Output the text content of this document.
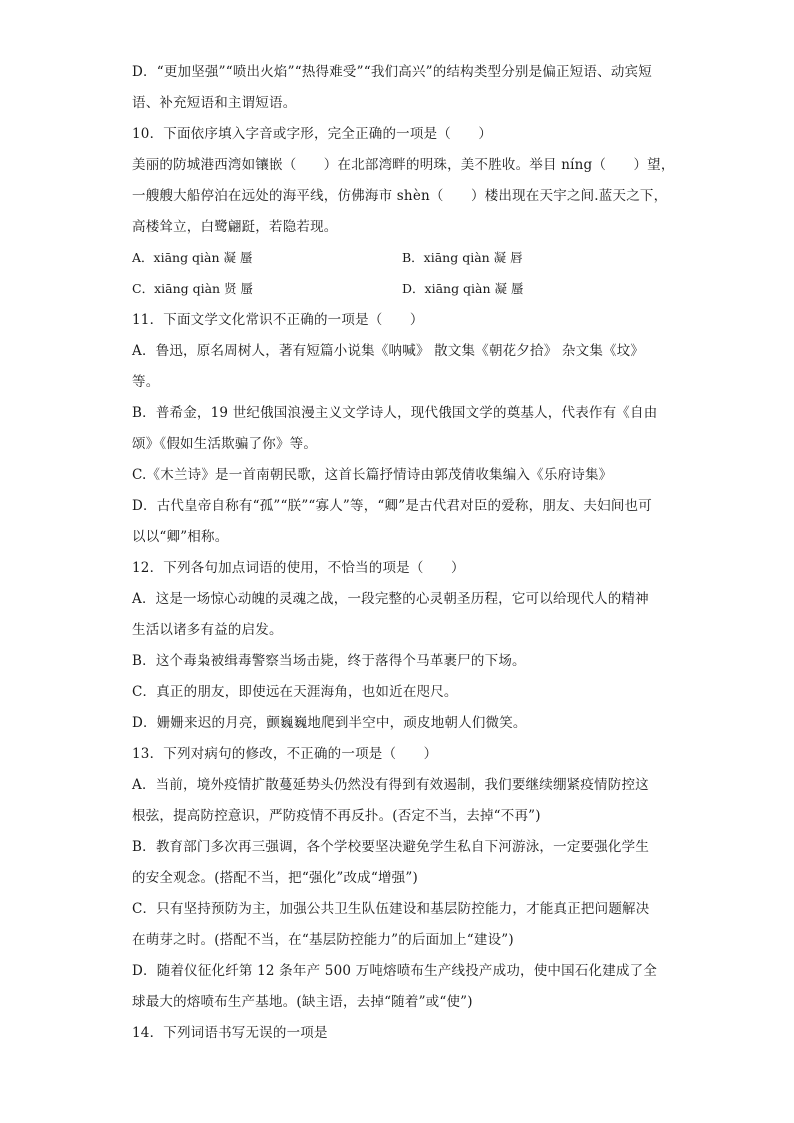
D．“更加坚强”“喷出火焰”“热得难受”“我们高兴”的结构类型分别是偏正短语、动宾短

语、补充短语和主谓短语。

10．下面依序填入字音或字形，完全正确的一项是（　　）

美丽的防城港西湾如镶嵌（　　）在北部湾畔的明珠，美不胜收。举目 níng（　　）望，

一艘艘大船停泊在远处的海平线，仿佛海市 shèn（　　）楼出现在天宇之间.蓝天之下，

高楼耸立，白鹭翩跹，若隐若现。

A．xiāng qiàn 凝 蜃	B．xiāng qiàn 凝 唇
C．xiāng qiàn 贤 蜃	D．xiāng qiàn 凝 蜃

11．下面文学文化常识不正确的一项是（　　）

A．鲁迅，原名周树人，著有短篇小说集《呐喊》 散文集《朝花夕拾》 杂文集《坟》

等。

B．普希金，19 世纪俄国浪漫主义文学诗人，现代俄国文学的奠基人，代表作有《自由

颂》《假如生活欺骗了你》等。

C.《木兰诗》是一首南朝民歌，这首长篇抒情诗由郭茂倩收集编入《乐府诗集》

D．古代皇帝自称有“孤”“朕”“寡人”等，“卿”是古代君对臣的爱称，朋友、夫妇间也可

以以“卿”相称。

12．下列各句加点词语的使用，不恰当的项是（　　）

A．这是一场惊心动魄的灵魂之战，一段完整的心灵朝圣历程，它可以给现代人的精神

生活以诸多有益的启发。

B．这个毒枭被缉毒警察当场击毙，终于落得个马革裹尸的下场。

C．真正的朋友，即使远在天涯海角，也如近在咫尺。

D．姗姗来迟的月亮，颤巍巍地爬到半空中，顽皮地朝人们微笑。

13．下列对病句的修改，不正确的一项是（　　）

A．当前，境外疫情扩散蔓延势头仍然没有得到有效遏制，我们要继续绷紧疫情防控这

根弦，提高防控意识，严防疫情不再反扑。(否定不当，去掉“不再”)

B．教育部门多次再三强调，各个学校要坚决避免学生私自下河游泳，一定要强化学生

的安全观念。(搭配不当，把“强化”改成“增强”)

C．只有坚持预防为主，加强公共卫生队伍建设和基层防控能力，才能真正把问题解决

在萌芽之时。(搭配不当，在“基层防控能力”的后面加上“建设”)

D．随着仪征化纤第 12 条年产 500 万吨熔喷布生产线投产成功，使中国石化建成了全

球最大的熔喷布生产基地。(缺主语，去掉“随着”或“使”)

14．下列词语书写无误的一项是
